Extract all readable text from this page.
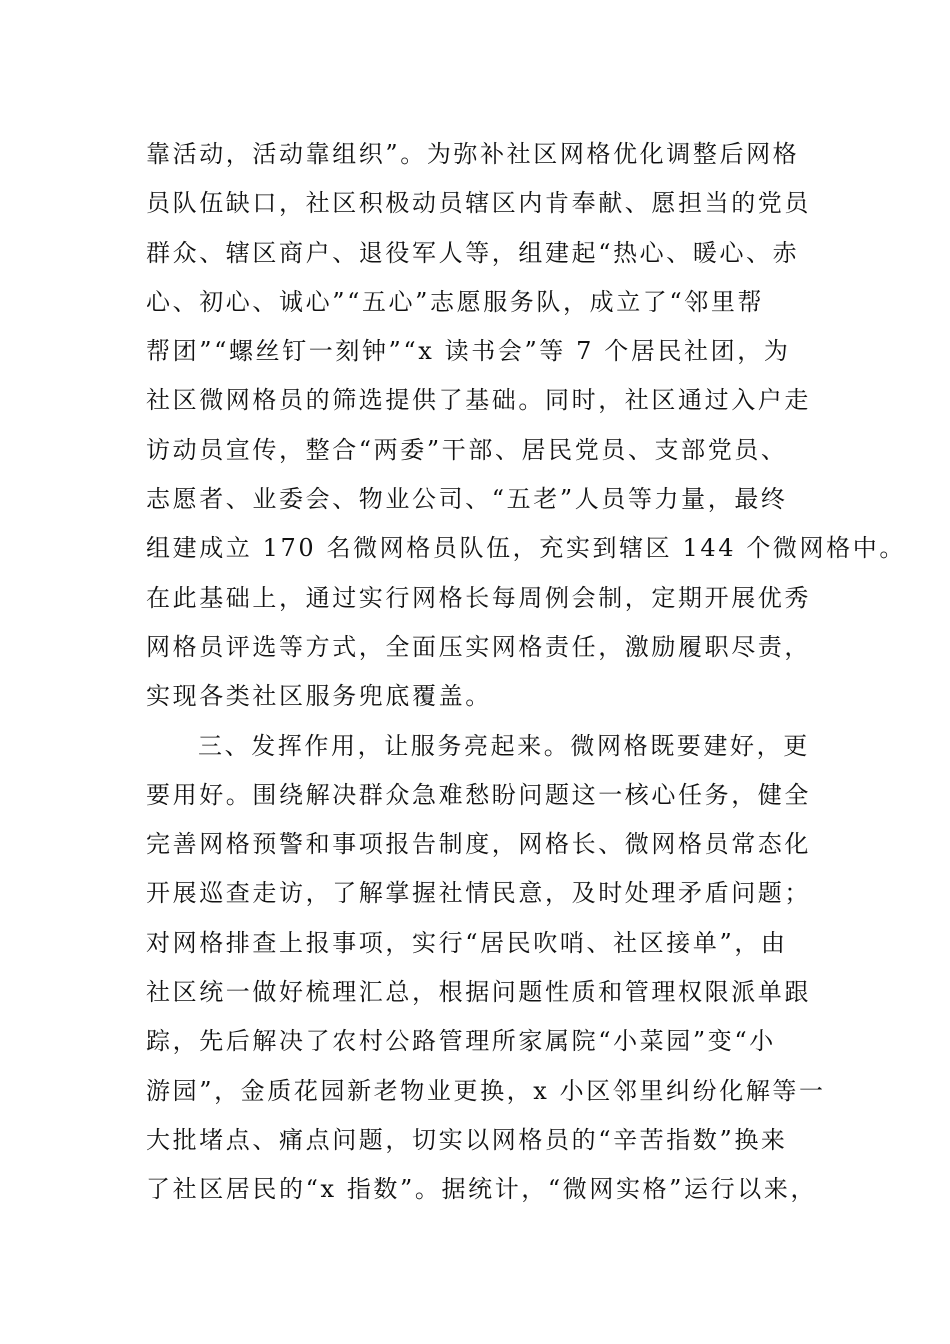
靠活动，活动靠组织”。为弥补社区网格优化调整后网格
员队伍缺口，社区积极动员辖区内肯奉献、愿担当的党员
群众、辖区商户、退役军人等，组建起“热心、暖心、赤
心、初心、诚心”“五心”志愿服务队，成立了“邻里帮
帮团”“螺丝钉一刻钟”“x 读书会”等 7 个居民社团，为
社区微网格员的筛选提供了基础。同时，社区通过入户走
访动员宣传，整合“两委”干部、居民党员、支部党员、
志愿者、业委会、物业公司、“五老”人员等力量，最终
组建成立 170 名微网格员队伍，充实到辖区 144 个微网格中。
在此基础上，通过实行网格长每周例会制，定期开展优秀
网格员评选等方式，全面压实网格责任，激励履职尽责，
实现各类社区服务兜底覆盖。
三、发挥作用，让服务亮起来。微网格既要建好，更
要用好。围绕解决群众急难愁盼问题这一核心任务，健全
完善网格预警和事项报告制度，网格长、微网格员常态化
开展巡查走访，了解掌握社情民意，及时处理矛盾问题；
对网格排查上报事项，实行“居民吹哨、社区接单”，由
社区统一做好梳理汇总，根据问题性质和管理权限派单跟
踪，先后解决了农村公路管理所家属院“小菜园”变“小
游园”，金质花园新老物业更换，x 小区邻里纠纷化解等一
大批堵点、痛点问题，切实以网格员的“辛苦指数”换来
了社区居民的“x 指数”。据统计，“微网实格”运行以来，
